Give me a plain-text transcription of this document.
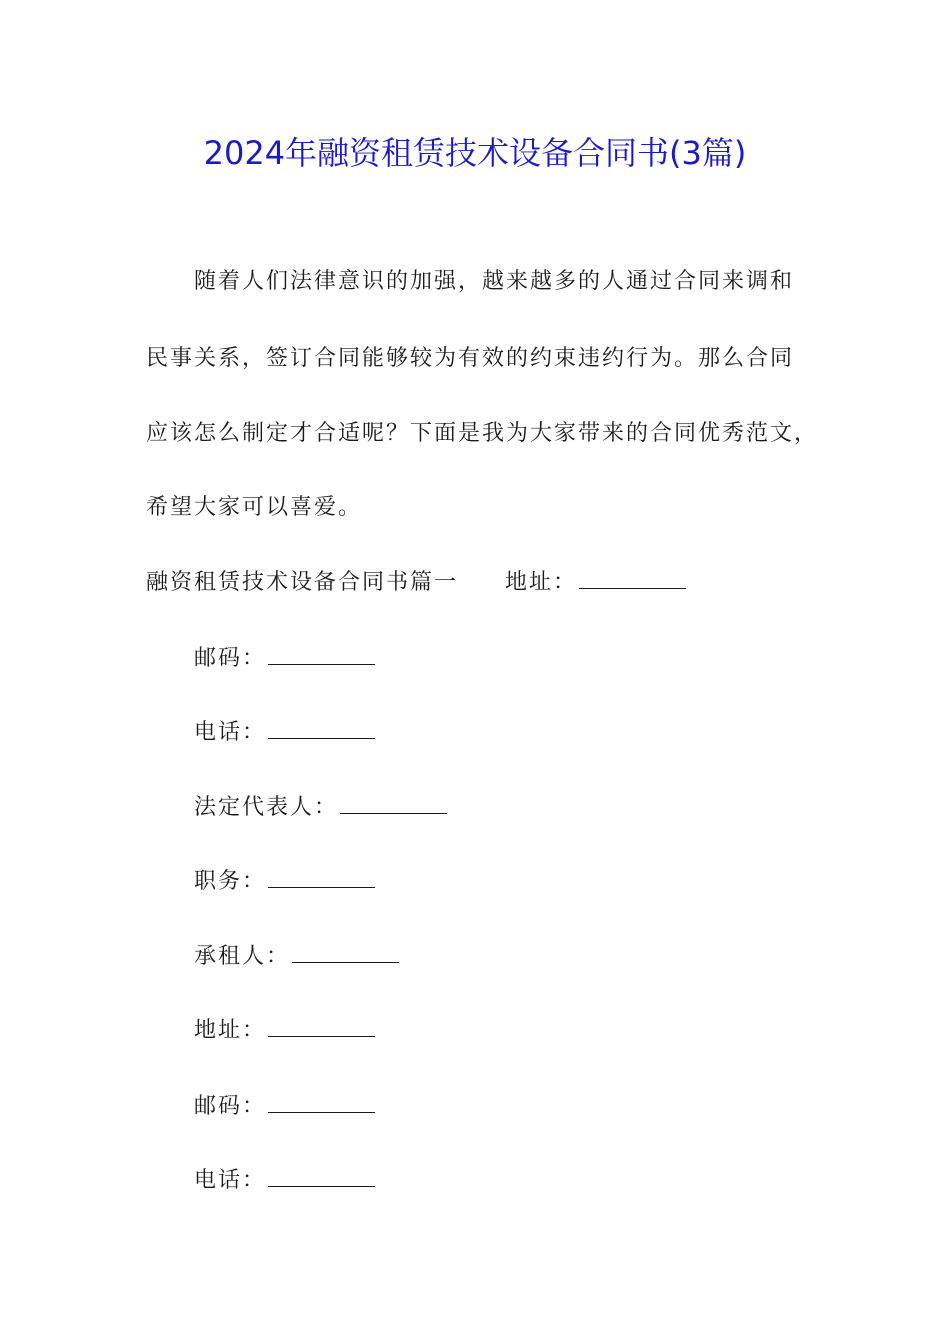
2024年融资租赁技术设备合同书(3篇)
随着人们法律意识的加强，越来越多的人通过合同来调和
民事关系，签订合同能够较为有效的约束违约行为。那么合同
应该怎么制定才合适呢？下面是我为大家带来的合同优秀范文，
希望大家可以喜爱。
融资租赁技术设备合同书篇一 地址：
邮码：
电话：
法定代表人：
职务：
承租人：
地址：
邮码：
电话：
